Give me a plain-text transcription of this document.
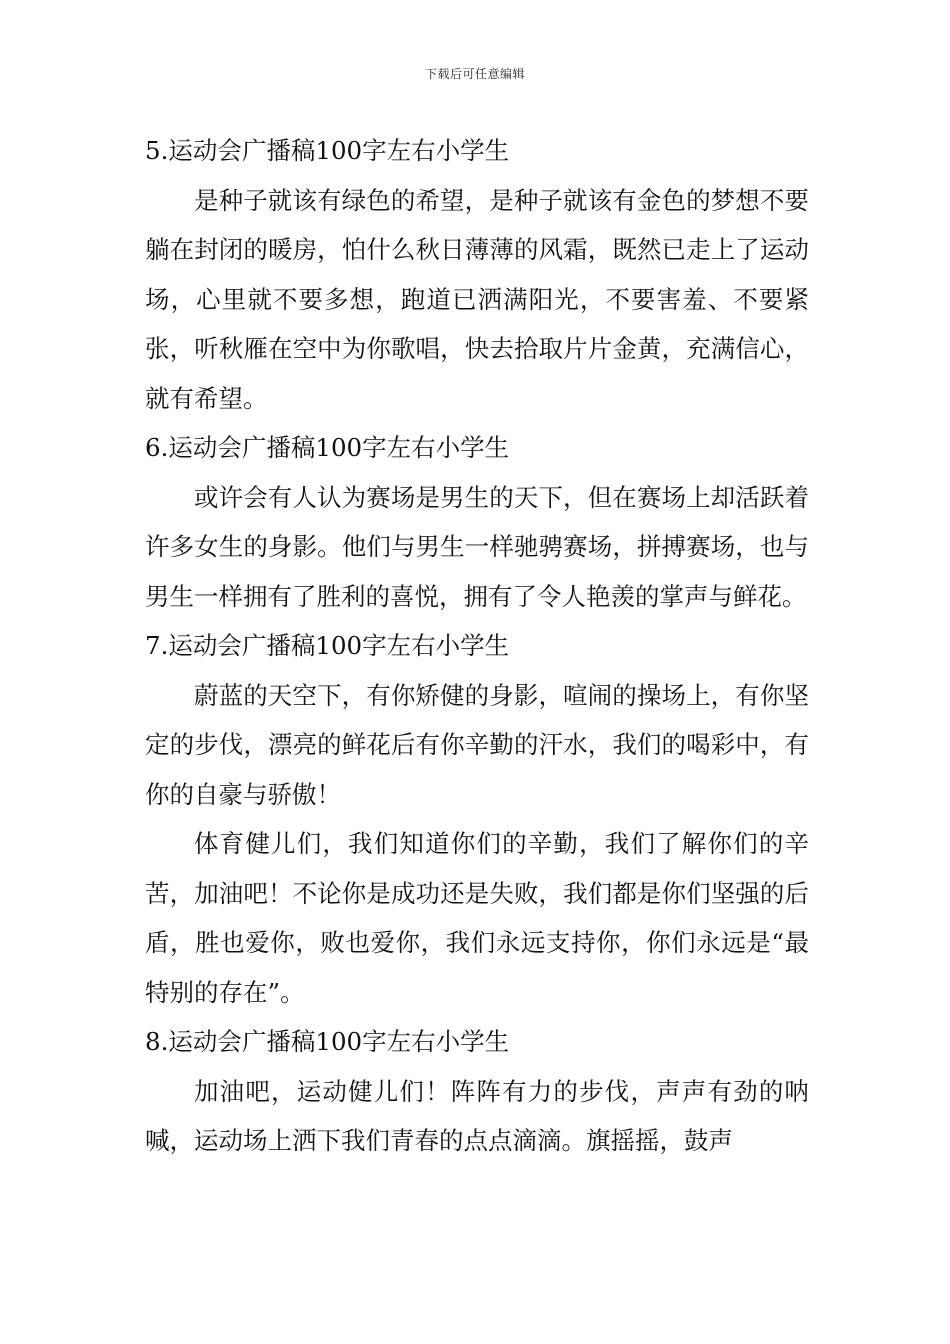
下载后可任意编辑

5.运动会广播稿100字左右小学生

是种子就该有绿色的希望，是种子就该有金色的梦想不要躺在封闭的暖房，怕什么秋日薄薄的风霜，既然已走上了运动场，心里就不要多想，跑道已洒满阳光，不要害羞、不要紧张，听秋雁在空中为你歌唱，快去拾取片片金黄，充满信心，就有希望。

6.运动会广播稿100字左右小学生

或许会有人认为赛场是男生的天下，但在赛场上却活跃着许多女生的身影。他们与男生一样驰骋赛场，拼搏赛场，也与男生一样拥有了胜利的喜悦，拥有了令人艳羡的掌声与鲜花。

7.运动会广播稿100字左右小学生

蔚蓝的天空下，有你矫健的身影，喧闹的操场上，有你坚定的步伐，漂亮的鲜花后有你辛勤的汗水，我们的喝彩中，有你的自豪与骄傲！

体育健儿们，我们知道你们的辛勤，我们了解你们的辛苦，加油吧！不论你是成功还是失败，我们都是你们坚强的后盾，胜也爱你，败也爱你，我们永远支持你，你们永远是“最 特别的存在”。

8.运动会广播稿100字左右小学生

加油吧，运动健儿们！阵阵有力的步伐，声声有劲的呐喊，运动场上洒下我们青春的点点滴滴。旗摇摇，鼓声
